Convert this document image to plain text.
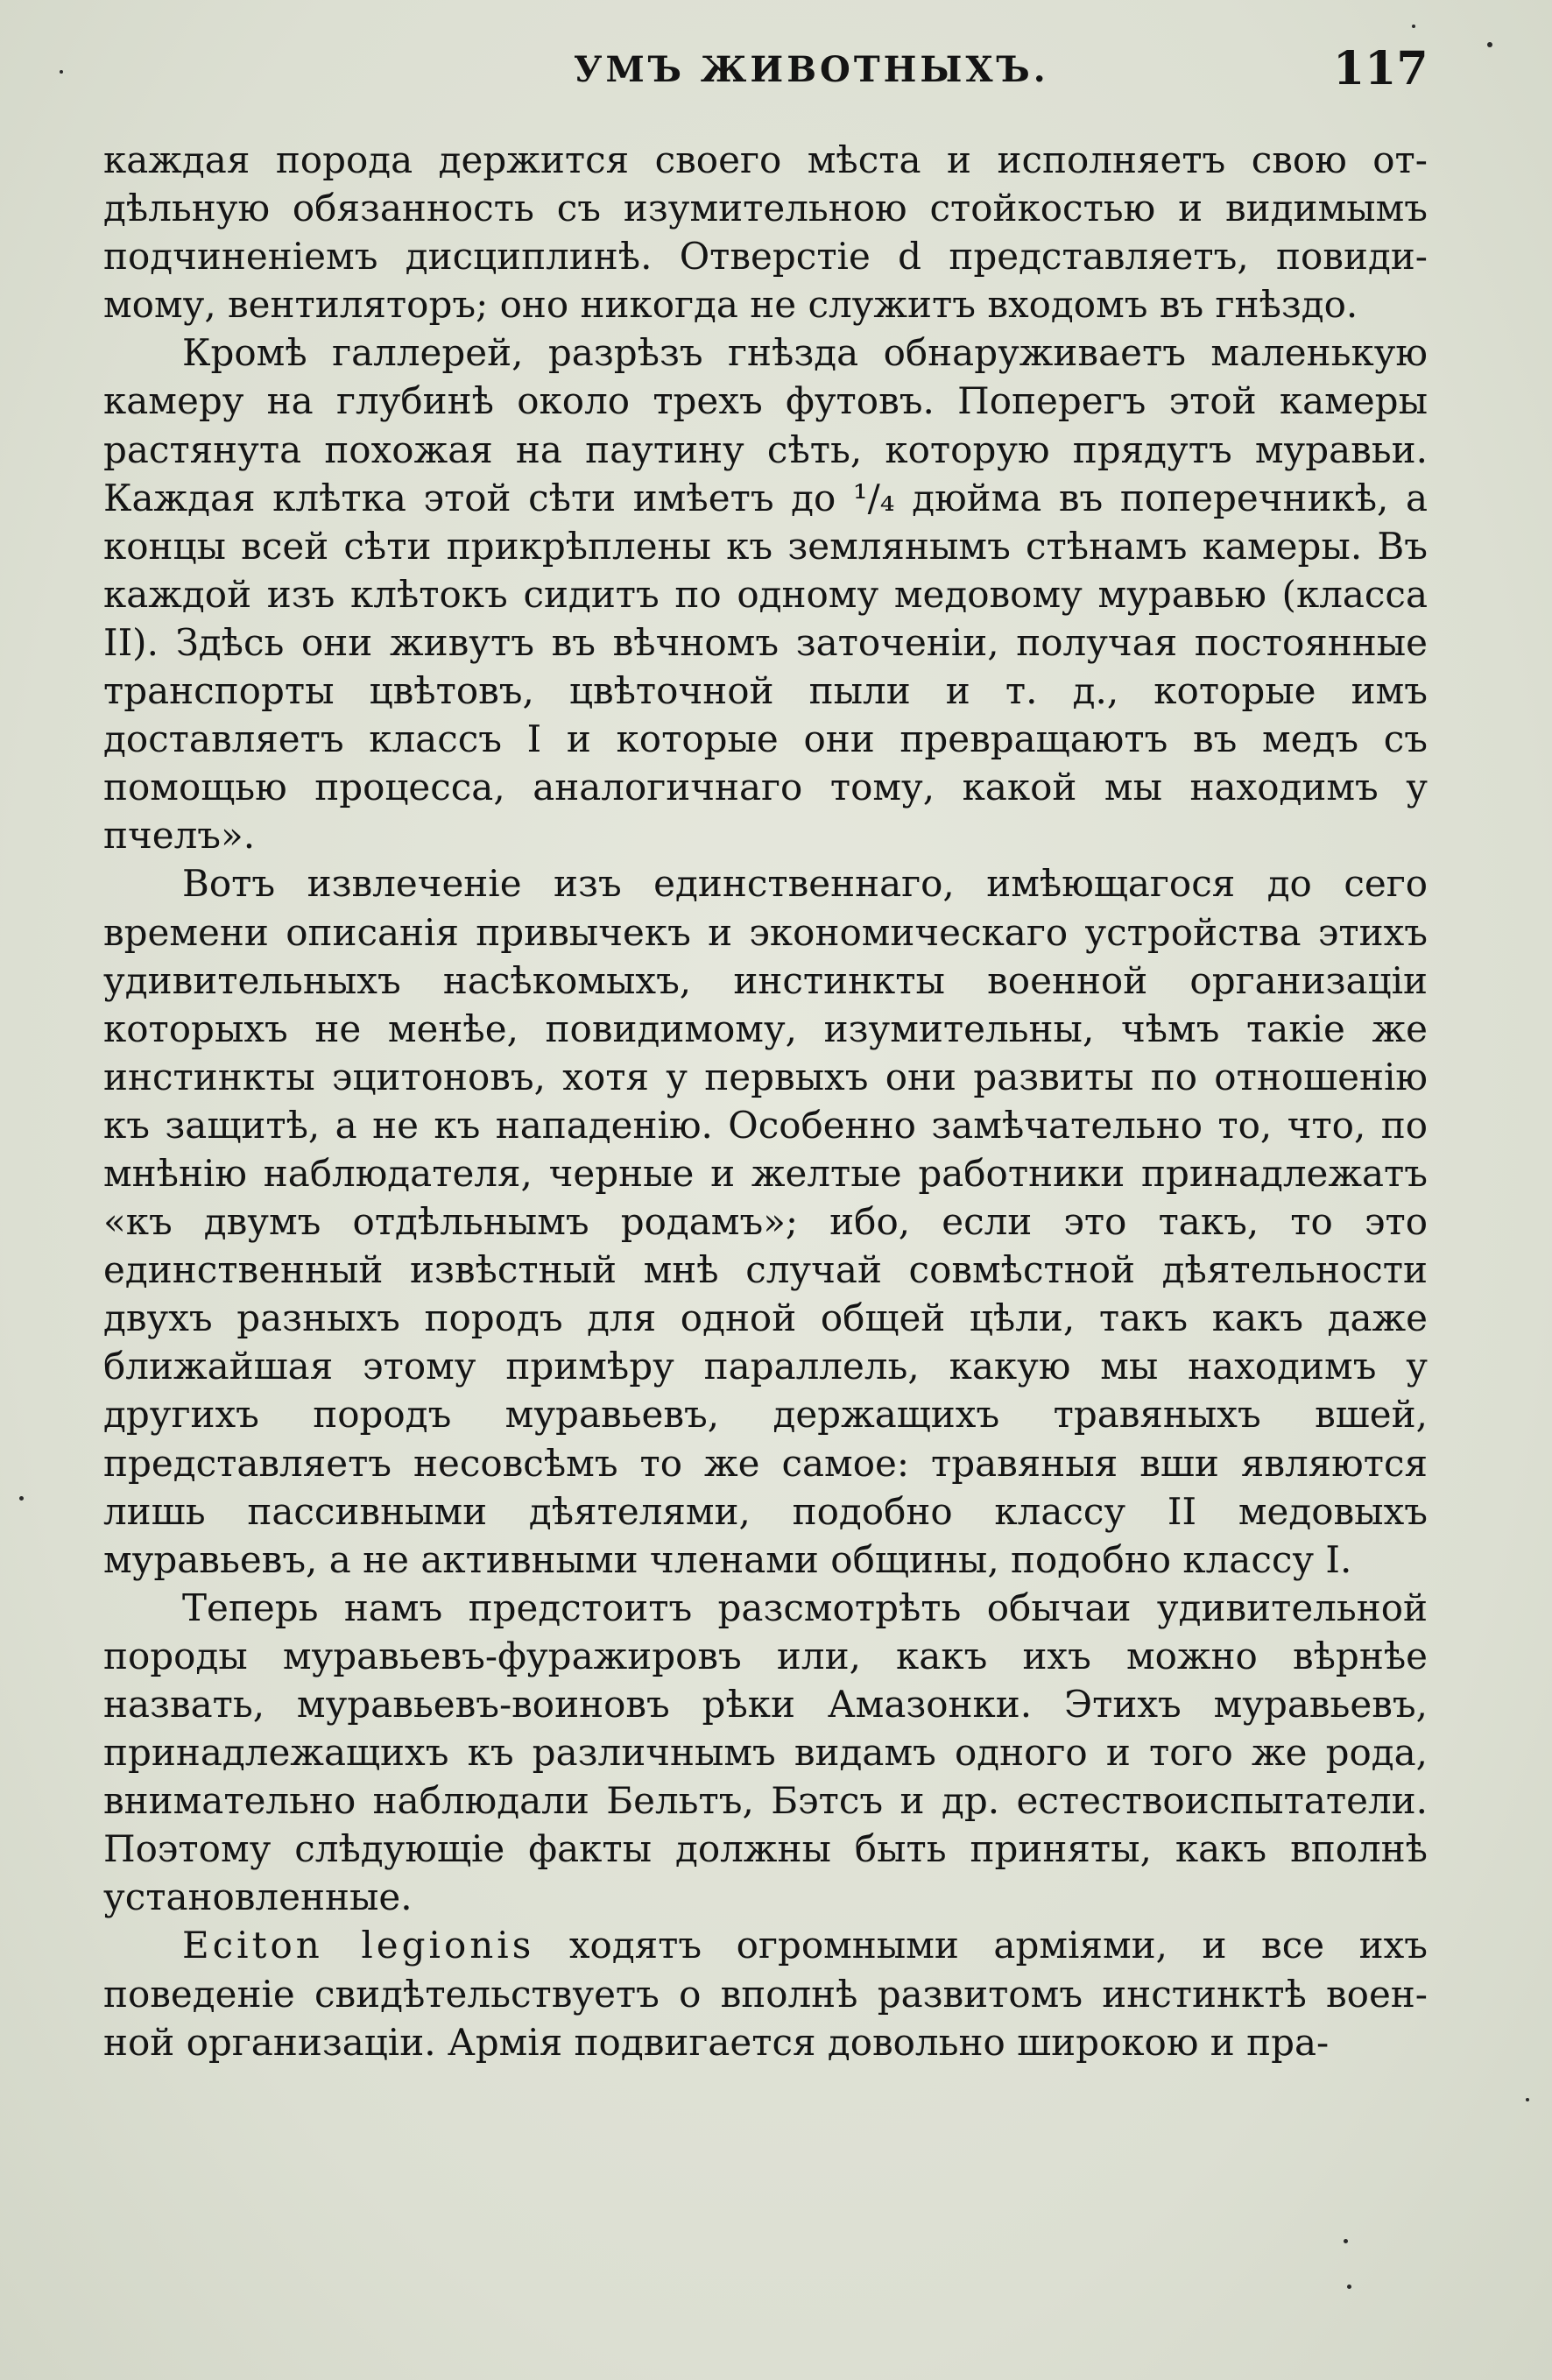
УМЪ ЖИВОТНЫХЪ.	117

каждая порода держится своего мѣста и исполняетъ свою отдѣльную обязанность съ изумительною стойкостью и видимымъ подчиненіемъ дисциплинѣ. Отверстіе d представляетъ, повидимому, вентиляторъ; оно никогда не служитъ входомъ въ гнѣздо.

Кромѣ галлерей, разрѣзъ гнѣзда обнаруживаетъ маленькую камеру на глубинѣ около трехъ футовъ. Поперегъ этой камеры растянута похожая на паутину сѣть, которую прядутъ муравьи. Каждая клѣтка этой сѣти имѣетъ до ¹/₄ дюйма въ поперечникѣ, а концы всей сѣти прикрѣплены къ землянымъ стѣнамъ камеры. Въ каждой изъ клѣтокъ сидитъ по одному медовому муравью (класса II). Здѣсь они живутъ въ вѣчномъ заточеніи, получая постоянные транспорты цвѣтовъ, цвѣточной пыли и т. д., которые имъ доставляетъ классъ I и которые они превращаютъ въ медъ съ помощью процесса, аналогичнаго тому, какой мы находимъ у пчелъ».

Вотъ извлеченіе изъ единственнаго, имѣющагося до сего времени описанія привычекъ и экономическаго устройства этихъ удивительныхъ насѣкомыхъ, инстинкты военной организаціи которыхъ не менѣе, повидимому, изумительны, чѣмъ такіе же инстинкты эцитоновъ, хотя у первыхъ они развиты по отношенію къ защитѣ, а не къ нападенію. Особенно замѣчательно то, что, по мнѣнію наблюдателя, черные и желтые работники принадлежатъ «къ двумъ отдѣльнымъ родамъ»; ибо, если это такъ, то это единственный извѣстный мнѣ случай совмѣстной дѣятельности двухъ разныхъ породъ для одной общей цѣли, такъ какъ даже ближайшая этому примѣру параллель, какую мы находимъ у другихъ породъ муравьевъ, держащихъ травяныхъ вшей, представляетъ несовсѣмъ то же самое: травяныя вши являются лишь пассивными дѣятелями, подобно классу II медовыхъ муравьевъ, а не активными членами общины, подобно классу I.

Теперь намъ предстоитъ разсмотрѣть обычаи удивительной породы муравьевъ-фуражировъ или, какъ ихъ можно вѣрнѣе назвать, муравьевъ-воиновъ рѣки Амазонки. Этихъ муравьевъ, принадлежащихъ къ различнымъ видамъ одного и того же рода, внимательно наблюдали Бельтъ, Бэтсъ и др. естествоиспытатели. Поэтому слѣдующіе факты должны быть приняты, какъ вполнѣ установленные.

Eciton legionis ходятъ огромными арміями, и все ихъ поведеніе свидѣтельствуетъ о вполнѣ развитомъ инстинктѣ военной организаціи. Армія подвигается довольно широкою и пра-
